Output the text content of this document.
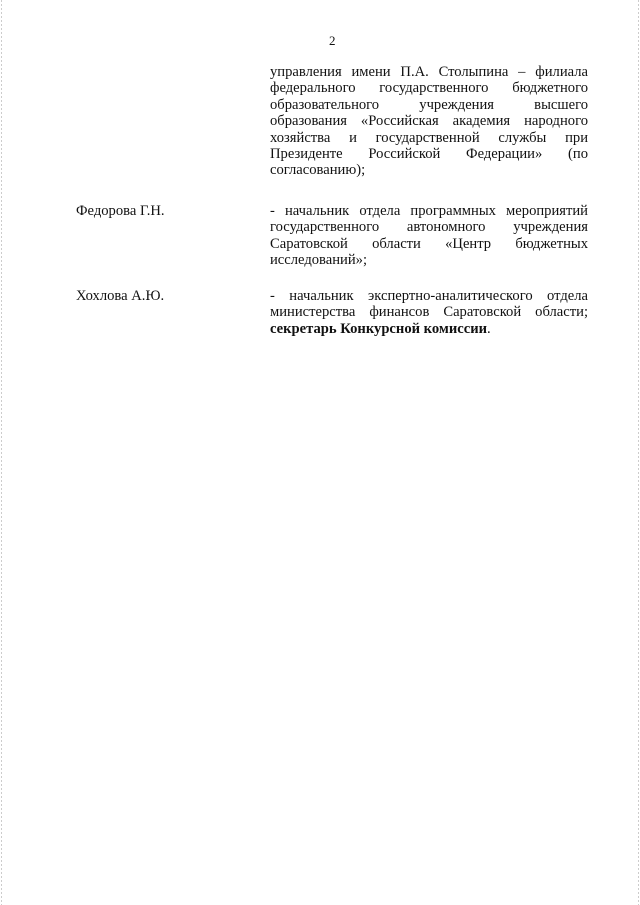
2
управления имени П.А. Столыпина – филиала
федерального государственного бюджетного
образовательного учреждения высшего
образования «Российская академия народного
хозяйства и государственной службы при
Президенте Российской Федерации» (по
согласованию);
Федорова Г.Н.	- начальник отдела программных мероприятий
государственного автономного учреждения
Саратовской области «Центр бюджетных
исследований»;
Хохлова А.Ю.	- начальник экспертно-аналитического отдела
министерства финансов Саратовской области;
секретарь Конкурсной комиссии.
